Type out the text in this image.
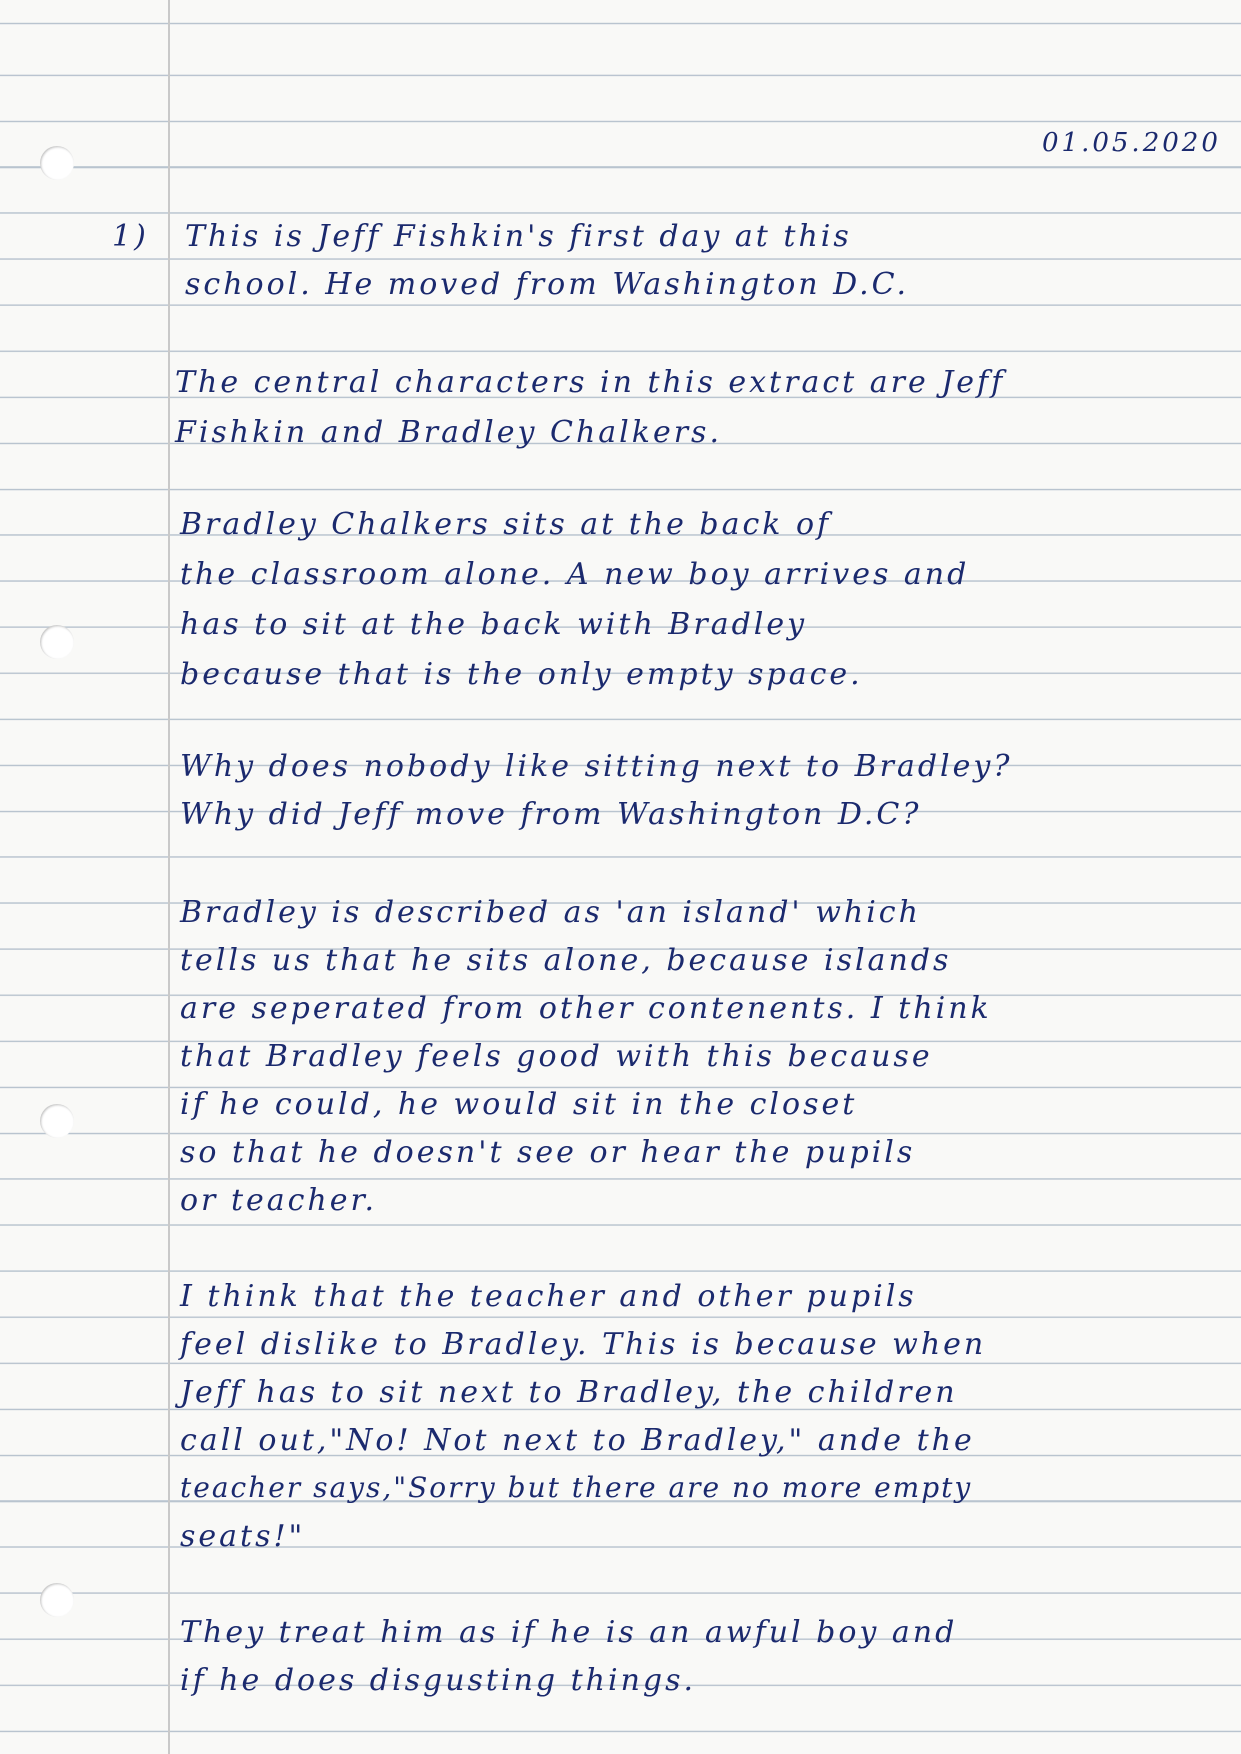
01.05.2020
1) This is Jeff Fishkin's first day at this
school. He moved from Washington D.C.
The central characters in this extract are Jeff
Fishkin and Bradley Chalkers.
Bradley Chalkers sits at the back of
the classroom alone. A new boy arrives and
has to sit at the back with Bradley
because that is the only empty space.
Why does nobody like sitting next to Bradley?
Why did Jeff move from Washington D.C?
Bradley is described as 'an island' which
tells us that he sits alone, because islands
are seperated from other contenents. I think
that Bradley feels good with this because
if he could, he would sit in the closet
so that he doesn't see or hear the pupils
or teacher.
I think that the teacher and other pupils
feel dislike to Bradley. This is because when
Jeff has to sit next to Bradley, the children
call out,"No! Not next to Bradley," ande the
teacher says,"Sorry but there are no more empty
seats!"
They treat him as if he is an awful boy and
if he does disgusting things.
